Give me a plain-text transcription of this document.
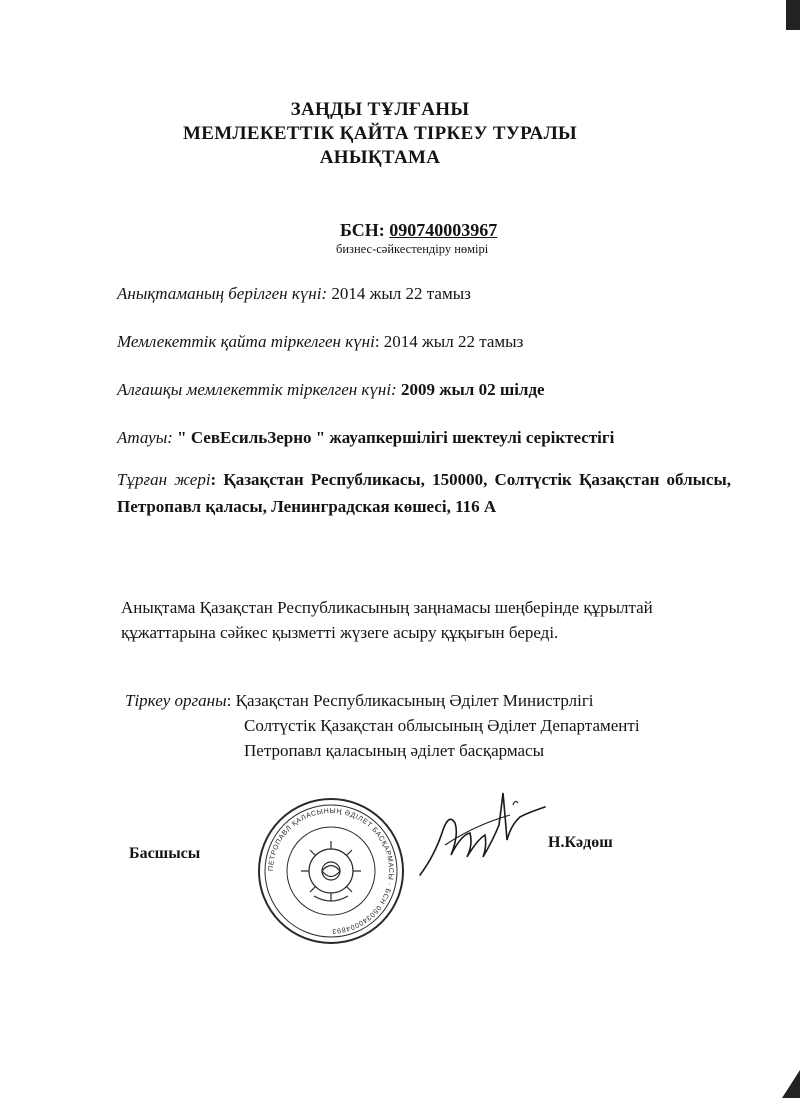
ЗАҢДЫ ТҰЛҒАНЫ
МЕМЛЕКЕТТІК ҚАЙТА ТІРКЕУ ТУРАЛЫ
АНЫҚТАМА
БСН: 090740003967
бизнес-сәйкестендіру нөмірі
Анықтаманың берілген күні: 2014 жыл 22 тамыз
Мемлекеттік қайта тіркелген күні: 2014 жыл 22 тамыз
Алғашқы мемлекеттік тіркелген күні: 2009 жыл 02 шілде
Атауы: " СевЕсильЗерно " жауапкершілігі шектеулі серіктестігі
Тұрған жері: Қазақстан Республикасы, 150000, Солтүстік Қазақстан облысы, Петропавл қаласы, Ленинградская көшесі, 116 А
Анықтама Қазақстан Республикасының заңнамасы шеңберінде құрылтай құжаттарына сәйкес қызметті жүзеге асыру құқығын береді.
Тіркеу органы: Қазақстан Республикасының Әділет Министрлігі
Солтүстік Қазақстан облысының Әділет Департаменті
Петропавл қаласының әділет басқармасы
Басшысы
ПЕТРОПАВЛ ҚАЛАСЫНЫҢ ӘДІЛЕТ БАСҚАРМАСЫ · БСН 050340004893
Н.Кәдөш
